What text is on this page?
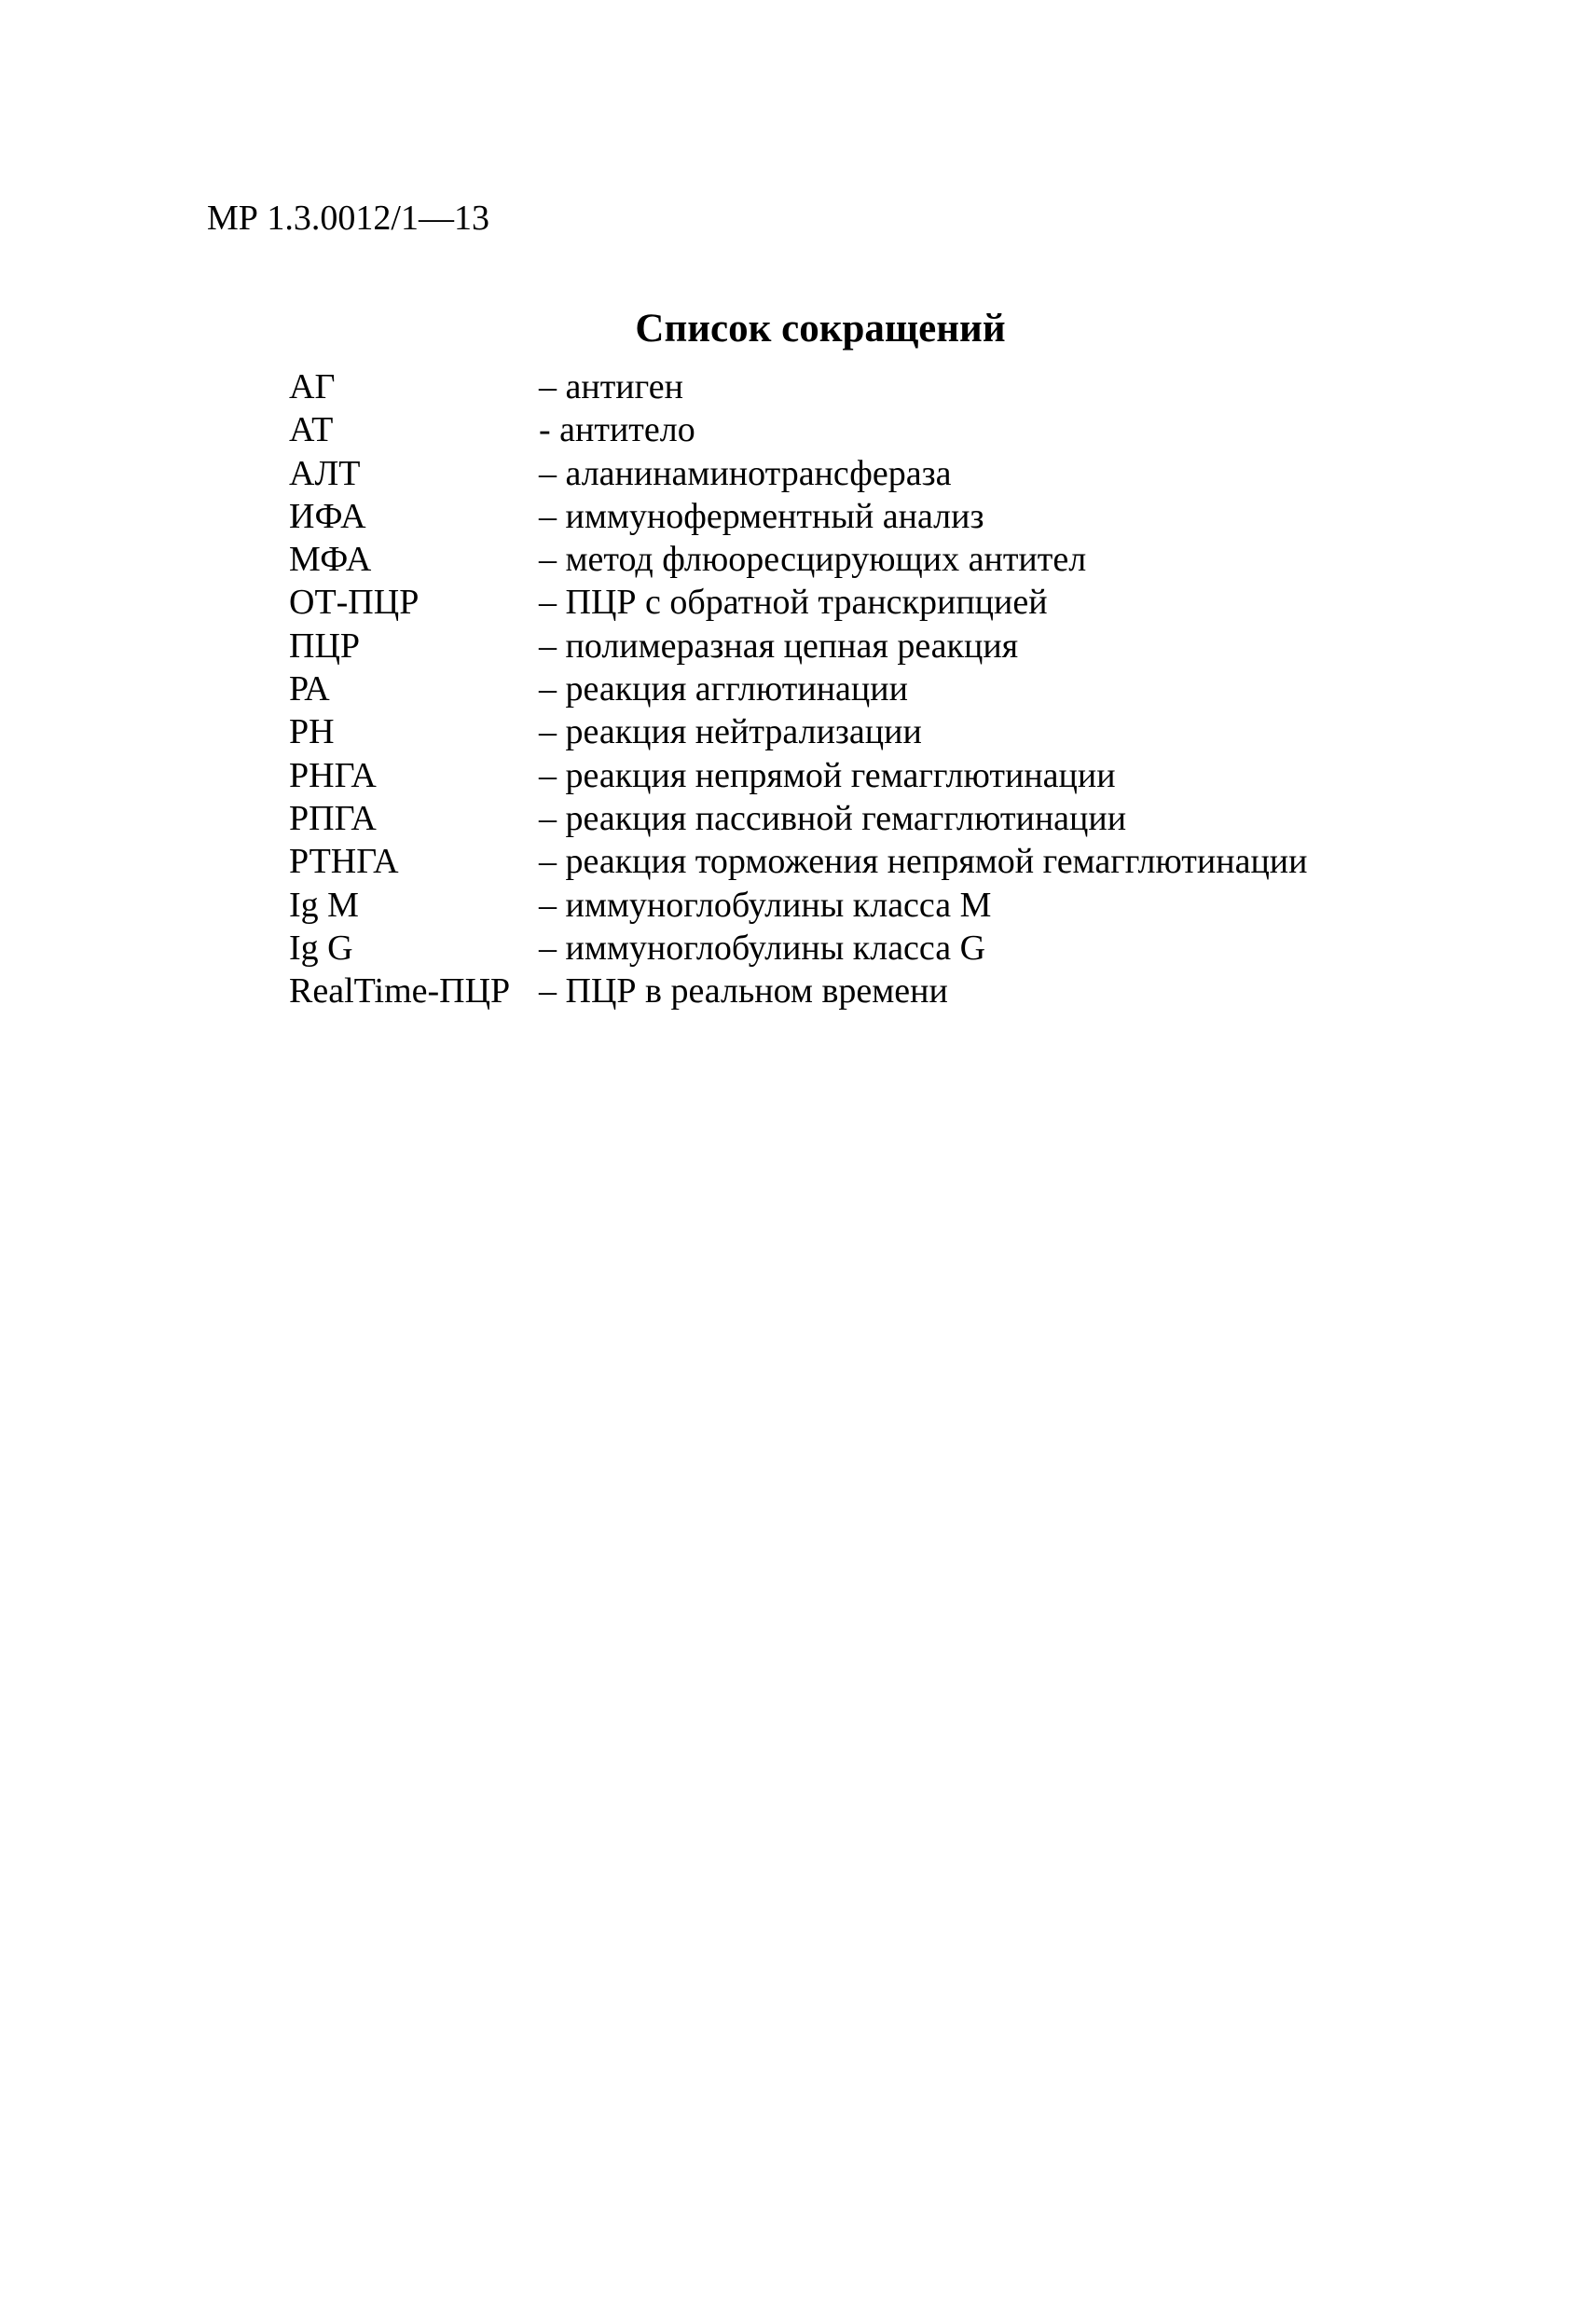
МР 1.3.0012/1—13
Список сокращений
АГ	– антиген
АТ	- антитело
АЛТ	– аланинаминотрансфераза
ИФА	– иммуноферментный анализ
МФА	– метод флюоресцирующих антител
ОТ-ПЦР	– ПЦР с обратной транскрипцией
ПЦР	– полимеразная цепная реакция
РА	– реакция агглютинации
РН	– реакция нейтрализации
РНГА	– реакция непрямой гемагглютинации
РПГА	– реакция пассивной гемагглютинации
РТНГА	– реакция торможения непрямой гемагглютинации
Ig M	– иммуноглобулины класса М
Ig G	– иммуноглобулины класса G
RealTime-ПЦР – ПЦР в реальном времени
